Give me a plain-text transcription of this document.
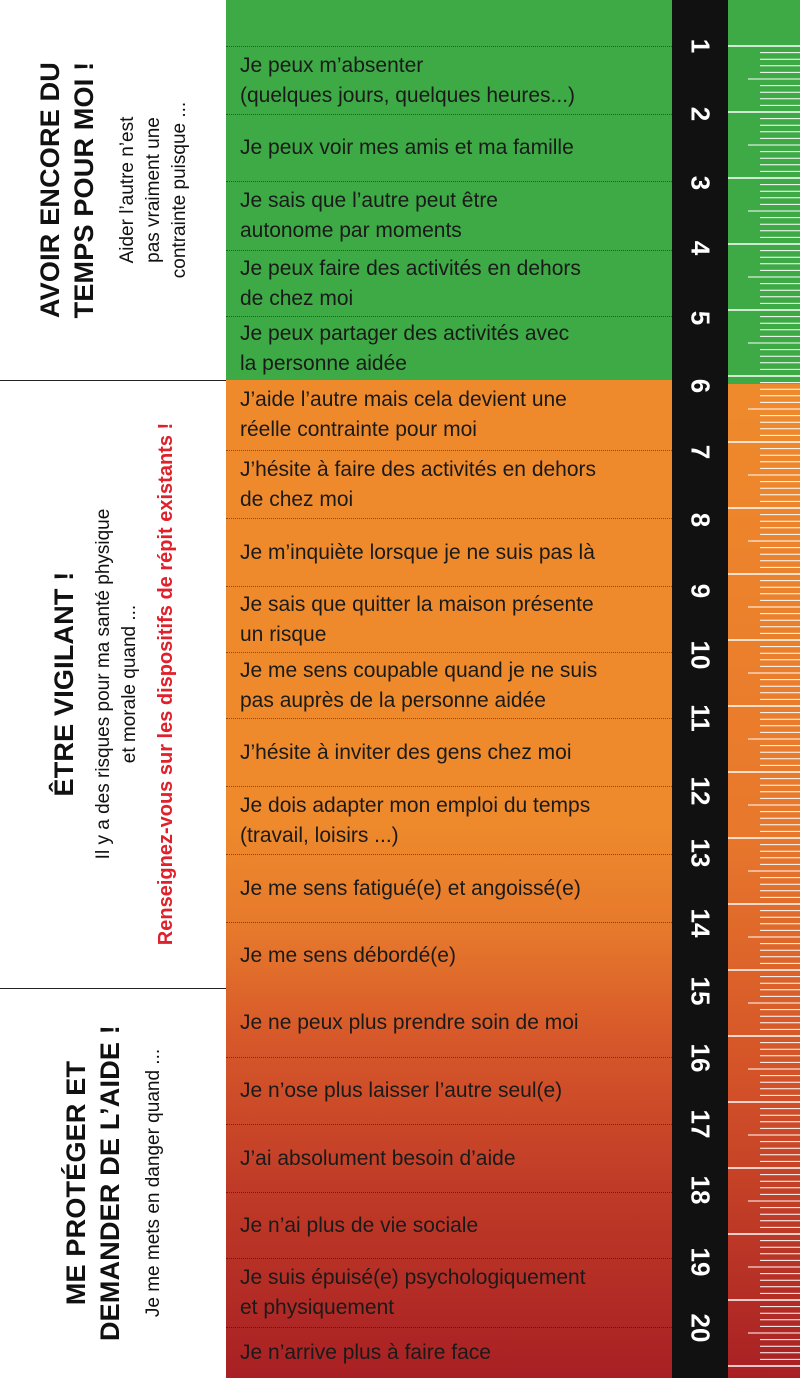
AVOIR ENCORE DU TEMPS POUR MOI ! Aider l’autre n’est pas vraiment une contrainte puisque ...
ÊTRE VIGILANT ! Il y a des risques pour ma santé physique et morale quand ... Renseignez-vous sur les dispositifs de répit existants !
ME PROTÉGER ET DEMANDER DE L’AIDE ! Je me mets en danger quand ...
Je peux m’absenter
(quelques jours, quelques heures...)
Je peux voir mes amis et ma famille
Je sais que l’autre peut être
autonome par moments
Je peux faire des activités en dehors
de chez moi
Je peux partager des activités avec
la personne aidée
J’aide l’autre mais cela devient une
réelle contrainte pour moi
J’hésite à faire des activités en dehors
de chez moi
Je m’inquiète lorsque je ne suis pas là
Je sais que quitter la maison présente
un risque
Je me sens coupable quand je ne suis
pas auprès de la personne aidée
J’hésite à inviter des gens chez moi
Je dois adapter mon emploi du temps
(travail, loisirs ...)
Je me sens fatigué(e) et angoissé(e)
Je me sens débordé(e)
Je ne peux plus prendre soin de moi
Je n’ose plus laisser l’autre seul(e)
J’ai absolument besoin d’aide
Je n’ai plus de vie sociale
Je suis épuisé(e) psychologiquement
et physiquement
Je n’arrive plus à faire face
1
2
3
4
5
6
7
8
9
10
11
12
13
14
15
16
17
18
19
20
